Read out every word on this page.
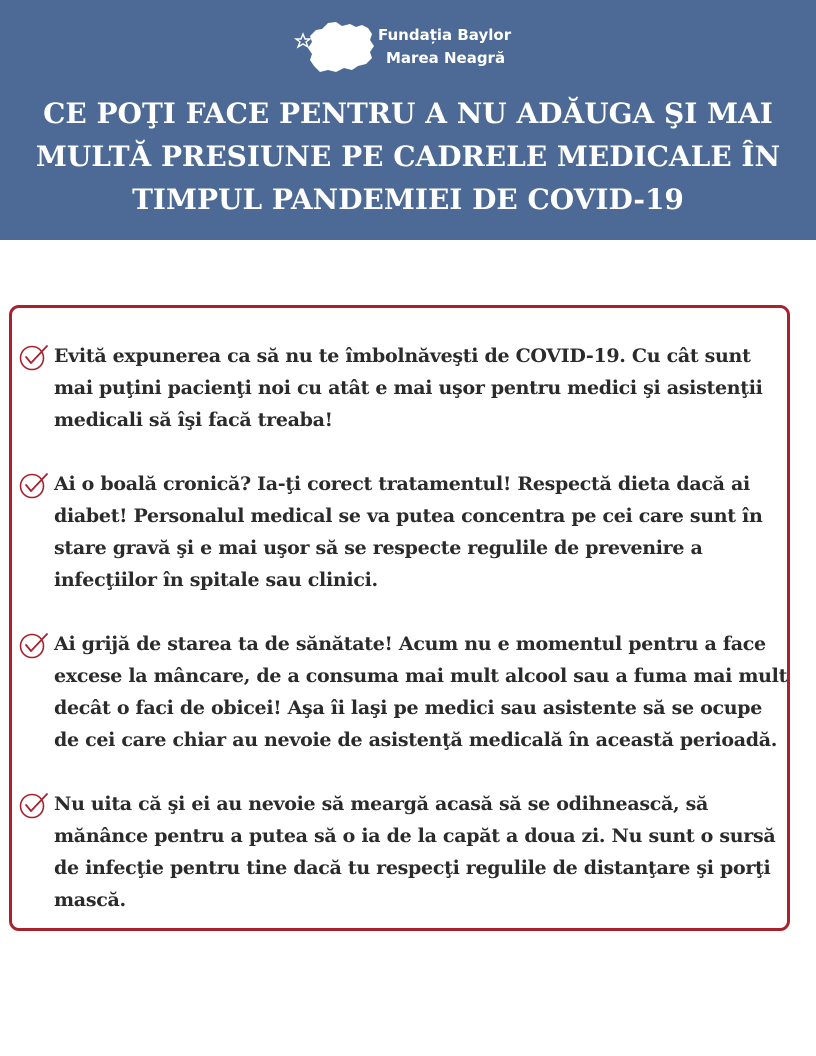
Fundația Baylor
Marea Neagră
CE POŢI FACE PENTRU A NU ADĂUGA ŞI MAI MULTĂ PRESIUNE PE CADRELE MEDICALE ÎN TIMPUL PANDEMIEI DE COVID-19

Evită expunerea ca să nu te îmbolnăveşti de COVID-19. Cu cât sunt mai puţini pacienţi noi cu atât e mai uşor pentru medici şi asistenţii medicali să îşi facă treaba!

Ai o boală cronică? Ia-ţi corect tratamentul! Respectă dieta dacă ai diabet! Personalul medical se va putea concentra pe cei care sunt în stare gravă şi e mai uşor să se respecte regulile de prevenire a infecţiilor în spitale sau clinici.

Ai grijă de starea ta de sănătate! Acum nu e momentul pentru a face excese la mâncare, de a consuma mai mult alcool sau a fuma mai mult decât o faci de obicei! Aşa îi laşi pe medici sau asistente să se ocupe de cei care chiar au nevoie de asistenţă medicală în această perioadă.

Nu uita că şi ei au nevoie să meargă acasă să se odihnească, să mănânce pentru a putea să o ia de la capăt a doua zi. Nu sunt o sursă de infecţie pentru tine dacă tu respecţi regulile de distanţare şi porţi mască.
